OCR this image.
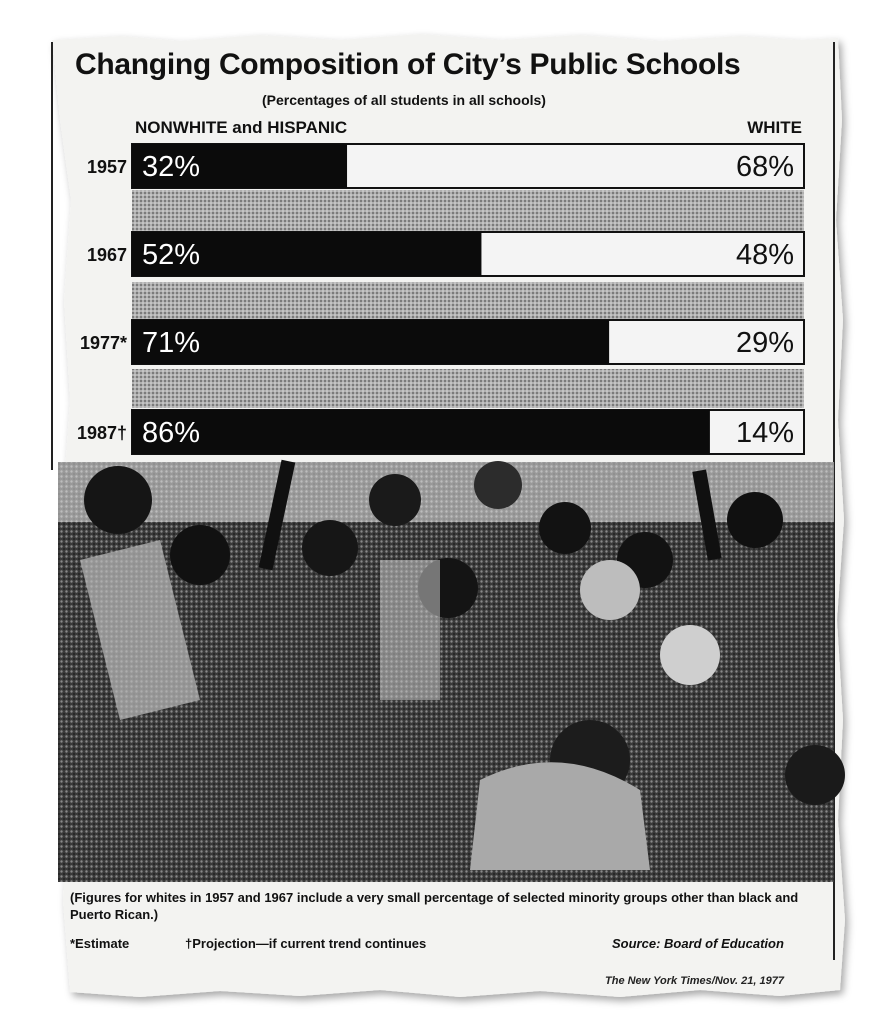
1957 32%	68%
1967 52%	48%
1977* 71%	29%
1987† 86%	14%
Changing Composition of City’s Public Schools
(Percentages of all students in all schools)
NONWHITE and HISPANIC	WHITE
(Figures for whites in 1957 and 1967 include a very small percentage of selected minority groups other than black and Puerto Rican.)
*Estimate	†Projection—if current trend continues	Source: Board of Education
The New York Times/Nov. 21, 1977
